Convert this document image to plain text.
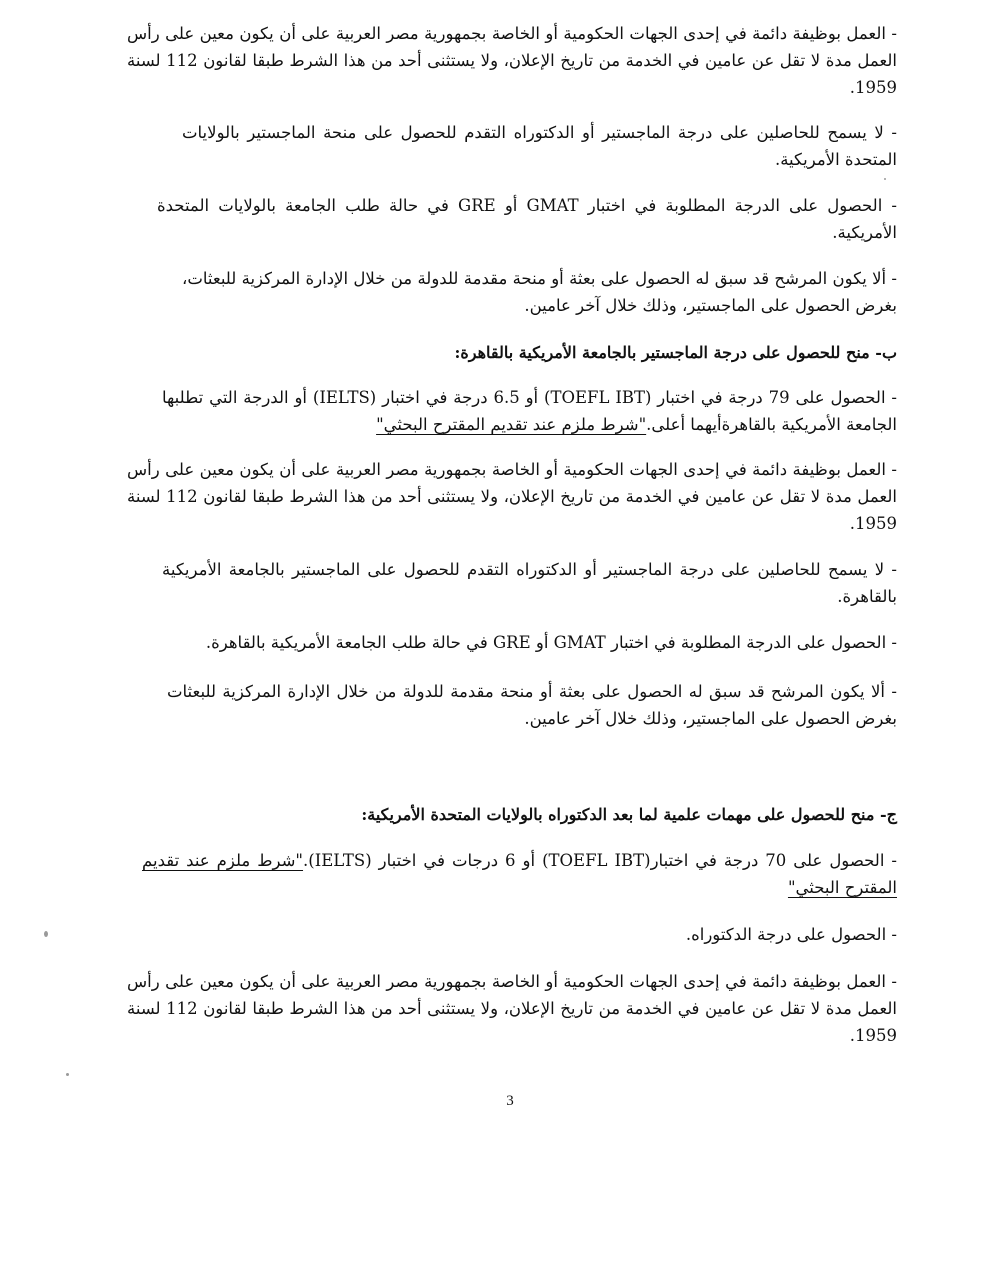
- العمل بوظيفة دائمة في إحدى الجهات الحكومية أو الخاصة بجمهورية مصر العربية على أن يكون معين على رأس العمل مدة لا تقل عن عامين في الخدمة من تاريخ الإعلان، ولا يستثنى أحد من هذا الشرط طبقا لقانون 112 لسنة 1959.

- لا يسمح للحاصلين على درجة الماجستير أو الدكتوراه التقدم للحصول على منحة الماجستير بالولايات المتحدة الأمريكية.

- الحصول على الدرجة المطلوبة في اختبار GMAT أو GRE في حالة طلب الجامعة بالولايات المتحدة الأمريكية.

- ألا يكون المرشح قد سبق له الحصول على بعثة أو منحة مقدمة للدولة من خلال الإدارة المركزية للبعثات، بغرض الحصول على الماجستير، وذلك خلال آخر عامين.

ب- منح للحصول على درجة الماجستير بالجامعة الأمريكية بالقاهرة:

- الحصول على 79 درجة في اختبار (TOEFL IBT) أو 6.5 درجة في اختبار (IELTS) أو الدرجة التي تطلبها الجامعة الأمريكية بالقاهرةأيهما أعلى."شرط ملزم عند تقديم المقترح البحثي"

- العمل بوظيفة دائمة في إحدى الجهات الحكومية أو الخاصة بجمهورية مصر العربية على أن يكون معين على رأس العمل مدة لا تقل عن عامين في الخدمة من تاريخ الإعلان، ولا يستثنى أحد من هذا الشرط طبقا لقانون 112 لسنة 1959.

- لا يسمح للحاصلين على درجة الماجستير أو الدكتوراه التقدم للحصول على الماجستير بالجامعة الأمريكية بالقاهرة.

- الحصول على الدرجة المطلوبة في اختبار GMAT أو GRE في حالة طلب الجامعة الأمريكية بالقاهرة.

- ألا يكون المرشح قد سبق له الحصول على بعثة أو منحة مقدمة للدولة من خلال الإدارة المركزية للبعثات بغرض الحصول على الماجستير، وذلك خلال آخر عامين.

ج- منح للحصول على مهمات علمية لما بعد الدكتوراه بالولايات المتحدة الأمريكية:

- الحصول على 70 درجة في اختبار(TOEFL IBT) أو 6 درجات في اختبار (IELTS)."شرط ملزم عند تقديم المقترح البحثي"

- الحصول على درجة الدكتوراه.

- العمل بوظيفة دائمة في إحدى الجهات الحكومية أو الخاصة بجمهورية مصر العربية على أن يكون معين على رأس العمل مدة لا تقل عن عامين في الخدمة من تاريخ الإعلان، ولا يستثنى أحد من هذا الشرط طبقا لقانون 112 لسنة 1959.

3
